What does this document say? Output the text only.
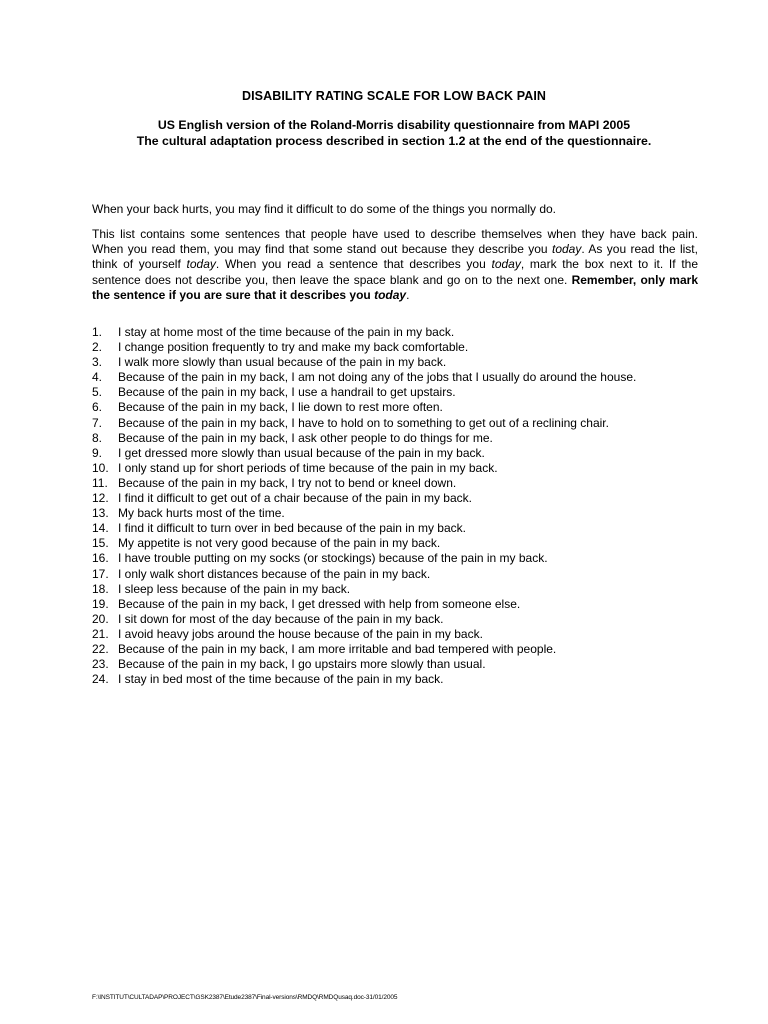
DISABILITY RATING SCALE FOR LOW BACK PAIN
US English version of the Roland-Morris disability questionnaire from MAPI 2005
The cultural adaptation process described in section 1.2 at the end of the questionnaire.
When your back hurts, you may find it difficult to do some of the things you normally do.
This list contains some sentences that people have used to describe themselves when they have back pain. When you read them, you may find that some stand out because they describe you today. As you read the list, think of yourself today. When you read a sentence that describes you today, mark the box next to it. If the sentence does not describe you, then leave the space blank and go on to the next one. Remember, only mark the sentence if you are sure that it describes you today.
1.	I stay at home most of the time because of the pain in my back.
2.	I change position frequently to try and make my back comfortable.
3.	I walk more slowly than usual because of the pain in my back.
4.	Because of the pain in my back, I am not doing any of the jobs that I usually do around the house.
5.	Because of the pain in my back, I use a handrail to get upstairs.
6.	Because of the pain in my back, I lie down to rest more often.
7.	Because of the pain in my back, I have to hold on to something to get out of a reclining chair.
8.	Because of the pain in my back, I ask other people to do things for me.
9.	I get dressed more slowly than usual because of the pain in my back.
10. I only stand up for short periods of time because of the pain in my back.
11. Because of the pain in my back, I try not to bend or kneel down.
12. I find it difficult to get out of a chair because of the pain in my back.
13. My back hurts most of the time.
14. I find it difficult to turn over in bed because of the pain in my back.
15. My appetite is not very good because of the pain in my back.
16. I have trouble putting on my socks (or stockings) because of the pain in my back.
17. I only walk short distances because of the pain in my back.
18. I sleep less because of the pain in my back.
19. Because of the pain in my back, I get dressed with help from someone else.
20. I sit down for most of the day because of the pain in my back.
21. I avoid heavy jobs around the house because of the pain in my back.
22. Because of the pain in my back, I am more irritable and bad tempered with people.
23. Because of the pain in my back, I go upstairs more slowly than usual.
24. I stay in bed most of the time because of the pain in my back.
F:\INSTITUT\CULTADAP\PROJECT\GSK2387\Etude2387\Final-versions\RMDQ\RMDQusaq.doc-31/01/2005
